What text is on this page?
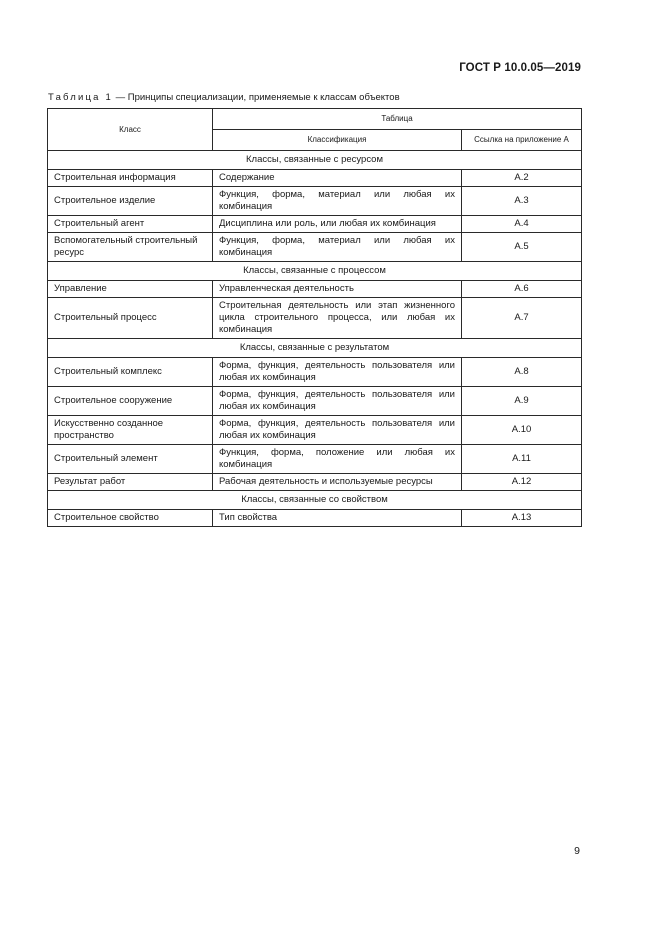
ГОСТ Р 10.0.05—2019
Таблица 1 — Принципы специализации, применяемые к классам объектов
Класс	Таблица	
	Классификация	Ссылка на приложение А
Классы, связанные с ресурсом		
Строительная информация	Содержание	А.2
Строительное изделие	Функция, форма, материал или любая их комбинация	А.3
Строительный агент	Дисциплина или роль, или любая их комбинация	А.4
Вспомогательный строительный ресурс	Функция, форма, материал или любая их комбинация	А.5
Классы, связанные с процессом		
Управление	Управленческая деятельность	А.6
Строительный процесс	Строительная деятельность или этап жизненного цикла строительного процесса, или любая их комбинация	А.7
Классы, связанные с результатом		
Строительный комплекс	Форма, функция, деятельность пользователя или любая их комбинация	А.8
Строительное сооружение	Форма, функция, деятельность пользователя или любая их комбинация	А.9
Искусственно созданное пространство	Форма, функция, деятельность пользователя или любая их комбинация	А.10
Строительный элемент	Функция, форма, положение или любая их комбинация	А.11
Результат работ	Рабочая деятельность и используемые ресурсы	А.12
Классы, связанные со свойством		
Строительное свойство	Тип свойства	А.13
9
